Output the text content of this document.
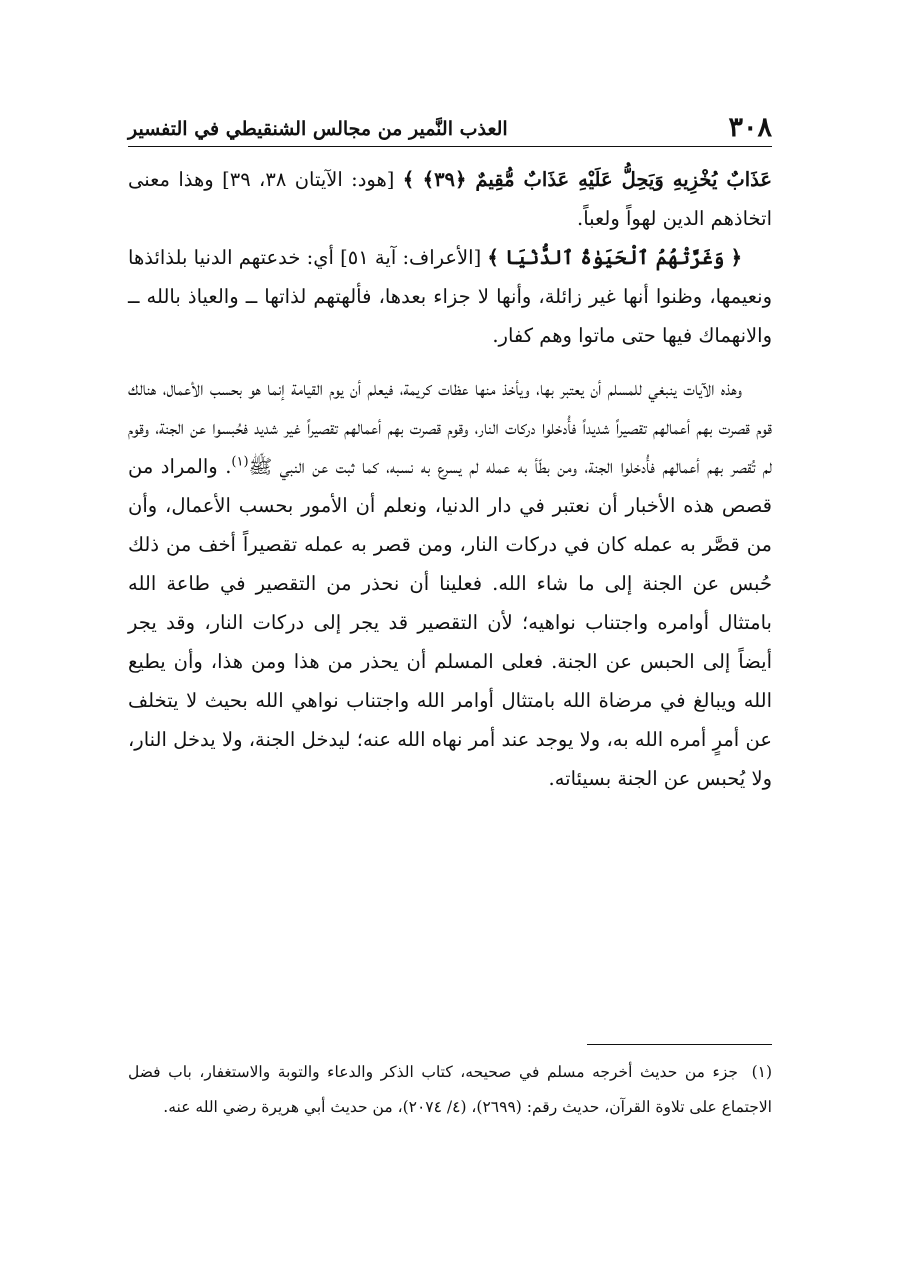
٣٠٨
العذب النَّمير من مجالس الشنقيطي في التفسير

عَذَابٌ يُخْزِيهِ وَيَحِلُّ عَلَيْهِ عَذَابٌ مُّقِيمٌ ﴿٣٩﴾ ﴾ [هود: الآيتان ٣٨، ٣٩] وهذا معنى اتخاذهم الدين لهواً ولعباً.

﴿ وَغَرَّتْهُمُ ٱلْحَيَوٰةُ ٱلدُّنْيَا ﴾ [الأعراف: آية ٥١] أي: خدعتهم الدنيا بلذائذها ونعيمها، وظنوا أنها غير زائلة، وأنها لا جزاء بعدها، فألهتهم لذاتها ــ والعياذ بالله ــ والانهماك فيها حتى ماتوا وهم كفار.

وهذه الآيات ينبغي للمسلم أن يعتبر بها، ويأخذ منها عظات كريمة، فيعلم أن يوم القيامة إنما هو بحسب الأعمال، هنالك قوم قصرت بهم أعمالهم تقصيراً شديداً فأُدخلوا دركات النار، وقوم قصرت بهم أعمالهم تقصيراً غير شديد فحُبسوا عن الجنة، وقوم لم تُقصر بهم أعمالهم فأُدخلوا الجنة، ومن بطّأ به عمله لم يسرع به نسبه، كما ثبت عن النبي ﷺ$^{(١)}$. والمراد من قصص هذه الأخبار أن نعتبر في دار الدنيا، ونعلم أن الأمور بحسب الأعمال، وأن من قصَّر به عمله كان في دركات النار، ومن قصر به عمله تقصيراً أخف من ذلك حُبس عن الجنة إلى ما شاء الله. فعلينا أن نحذر من التقصير في طاعة الله بامتثال أوامره واجتناب نواهيه؛ لأن التقصير قد يجر إلى دركات النار، وقد يجر أيضاً إلى الحبس عن الجنة. فعلى المسلم أن يحذر من هذا ومن هذا، وأن يطيع الله ويبالغ في مرضاة الله بامتثال أوامر الله واجتناب نواهي الله بحيث لا يتخلف عن أمرٍ أمره الله به، ولا يوجد عند أمر نهاه الله عنه؛ ليدخل الجنة، ولا يدخل النار، ولا يُحبس عن الجنة بسيئاته.

(١) جزء من حديث أخرجه مسلم في صحيحه، كتاب الذكر والدعاء والتوبة والاستغفار، باب فضل الاجتماع على تلاوة القرآن، حديث رقم: (٢٦٩٩)، (٤/ ٢٠٧٤)، من حديث أبي هريرة رضي الله عنه.
